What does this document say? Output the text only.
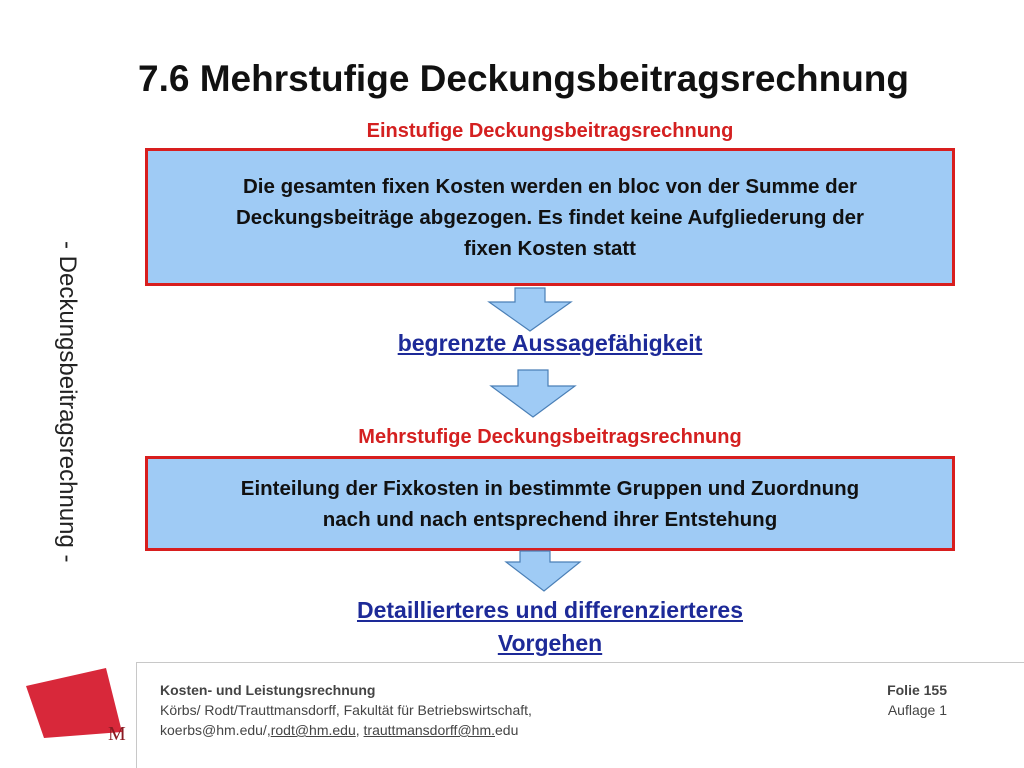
7.6 Mehrstufige Deckungsbeitragsrechnung
- Deckungsbeitragsrechnung -
Einstufige Deckungsbeitragsrechnung
Die gesamten fixen Kosten werden en bloc von der Summe der
Deckungsbeiträge abgezogen. Es findet keine Aufgliederung der
fixen Kosten statt
begrenzte Aussagefähigkeit
Mehrstufige Deckungsbeitragsrechnung
Einteilung der Fixkosten in bestimmte Gruppen und Zuordnung
nach und nach entsprechend ihrer Entstehung
Detaillierteres und differenzierteres
Vorgehen
M
Kosten- und Leistungsrechnung
Körbs/ Rodt/Trauttmansdorff, Fakultät für Betriebswirtschaft,
koerbs@hm.edu/,rodt@hm.edu, trauttmansdorff@hm.edu
Folie 155
Auflage 1
